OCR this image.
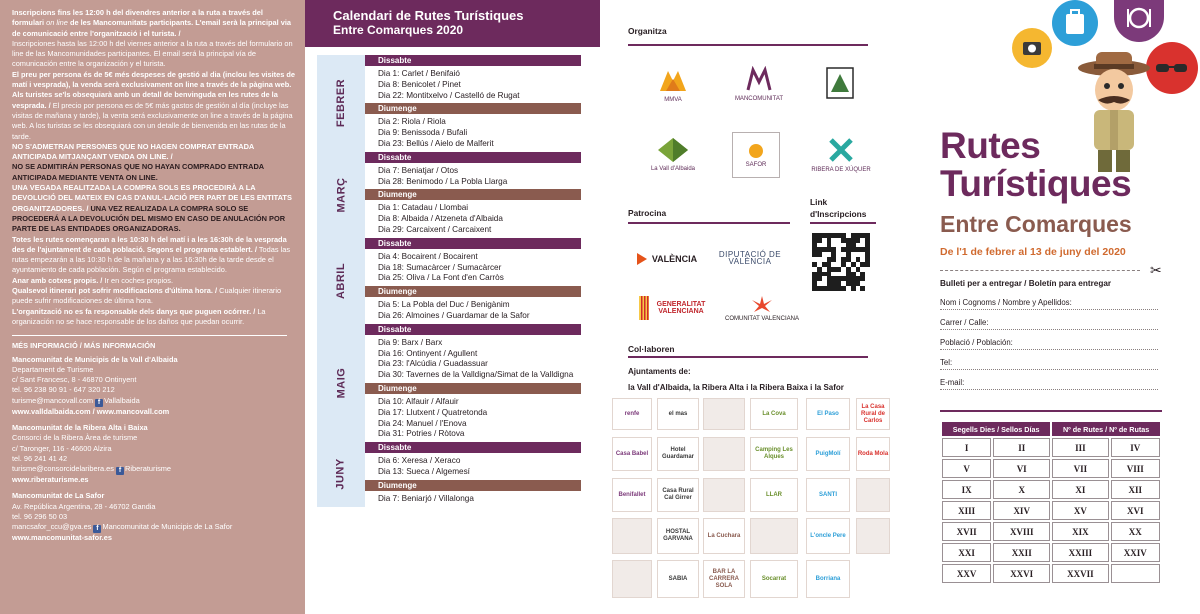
Inscripcions fins les 12:00 h del divendres anterior a la ruta a través del formulari on line de les Mancomunitats participants. L'email serà la principal via de comunicació entre l'organització i el turista. /

Inscripciones hasta las 12:00 h del viernes anterior a la ruta a través del formulario on line de las Mancomunidades participantes. El email será la principal vía de comunicación entre la organización y el turista.

El preu per persona és de 5€ més despeses de gestió al dia (inclou les visites de matí i vesprada), la venda serà exclusivament on line a través de la pàgina web. Als turistes se'ls obsequiarà amb un detall de benvinguda en les rutes de la vesprada. / El precio por persona es de 5€ más gastos de gestión al día (incluye las visitas de mañana y tarde), la venta será exclusivamente on line a través de la página web. A los turistas se les obsequiará con un detalle de bienvenida en las rutas de la tarde.

NO S'ADMETRAN PERSONES QUE NO HAGEN COMPRAT ENTRADA ANTICIPADA MITJANÇANT VENDA ON LINE. /

NO SE ADMITIRÁN PERSONAS QUE NO HAYAN COMPRADO ENTRADA ANTICIPADA MEDIANTE VENTA ON LINE.

UNA VEGADA REALITZADA LA COMPRA SOLS ES PROCEDIRÀ A LA DEVOLUCIÓ DEL MATEIX EN CAS D'ANUL·LACIÓ PER PART DE LES ENTITATS ORGANITZADORES. / UNA VEZ REALIZADA LA COMPRA SOLO SE PROCEDERÁ A LA DEVOLUCIÓN DEL MISMO EN CASO DE ANULACIÓN POR PARTE DE LAS ENTIDADES ORGANIZADORAS.

Totes les rutes començaran a les 10:30 h del matí i a les 16:30h de la vesprada des de l'ajuntament de cada població. Segons el programa establert. / Todas las rutas empezarán a las 10:30 h de la mañana y a las 16:30h de la tarde desde el ayuntamiento de cada población. Según el programa establecido.

Anar amb cotxes propis. / Ir en coches propios.

Qualsevol itinerari pot sofrir modificacions d'última hora. / Cualquier itinerario puede sufrir modificaciones de última hora.

L'organització no es fa responsable dels danys que puguen ocórrer. / La organización no se hace responsable de los daños que puedan ocurrir.

MÉS INFORMACIÓ / MÁS INFORMACIÓN

Mancomunitat de Municipis de la Vall d'Albaida
Departament de Turisme
c/ Sant Francesc, 8 - 46870 Ontinyent
tel. 96 238 90 91 - 647 320 212
turisme@mancovall.com f Vallalbaida
www.valldalbaida.com / www.mancovall.com
Mancomunitat de la Ribera Alta i Baixa
Consorci de la Ribera Àrea de turisme
c/ Taronger, 116 - 46600 Alzira
tel. 96 241 41 42
turisme@consorcidelaribera.es f Riberaturisme
www.riberaturisme.es
Mancomunitat de La Safor
Av. República Argentina, 28 - 46702 Gandia
tel. 96 296 50 03
mancsafor_ccu@gva.es f Mancomunitat de Municipis de La Safor
www.mancomunitat-safor.es
Calendari de Rutes Turístiques
Entre Comarques 2020
FEBRER
Dissabte
Dia 1: Carlet / Benifaió
Dia 8: Benicolet / Pinet
Dia 22: Montitxelvo / Castelló de Rugat
Diumenge
Dia 2: Riola / Riola
Dia 9: Benissoda / Bufali
Dia 23: Bellús / Aielo de Malferit
MARÇ
Dissabte
Dia 7: Beniatjar / Otos
Dia 28: Benimodo / La Pobla Llarga
Diumenge
Dia 1: Catadau / Llombai
Dia 8: Albaida / Atzeneta d'Albaida
Dia 29: Carcaixent / Carcaixent
ABRIL
Dissabte
Dia 4: Bocairent / Bocairent
Dia 18: Sumacàrcer / Sumacàrcer
Dia 25: Oliva / La Font d'en Carròs
Diumenge
Dia 5: La Pobla del Duc / Benigànim
Dia 26: Almoines / Guardamar de la Safor
MAIG
Dissabte
Dia 9: Barx / Barx
Dia 16: Ontinyent / Agullent
Dia 23: l'Alcúdia / Guadassuar
Dia 30: Tavernes de la Valldigna/Simat de la Valldigna
Diumenge
Dia 10: Alfauir / Alfauir
Dia 17: Llutxent / Quatretonda
Dia 24: Manuel / l'Enova
Dia 31: Potries / Ròtova
JUNY
Dissabte
Dia 6: Xeresa / Xeraco
Dia 13: Sueca / Algemesí
Diumenge
Dia 7: Beniarjó / Villalonga
Organitza
MMVA	MANCOMUNITAT
La Vall d'Albaida
SAFOR
RIBERA DE XÚQUER
Patrocina
Link
d'Inscripcions
VALÈNCIA	DIPUTACIÓ DE VALÈNCIA
GENERALITAT VALENCIANA
COMUNITAT VALENCIANA
Col·laboren
Ajuntaments de:
la Vall d'Albaida, la Ribera Alta i la Ribera Baixa i la Safor
renfe	el mas	La Cova	El Paso
La Casa Rural de Carlos
Casa Babel
Hotel Guardamar
Camping Les Alques
PuigMolí	Roda Mola
Benifallet
Casa Rural Cal Girrer
LLAR	SANTI
HOSTAL GARVANA
La Cuchara	L'oncle Pere
SABIA
BAR LA CARRERA SOLA
Socarrat	Borriana
Rutes
Turístiques
Entre Comarques
De l'1 de febrer al 13 de juny del 2020
✂
Bulleti per a entregar / Boletín para entregar
Nom i Cognoms / Nombre y Apellidos:
Carrer / Calle:
Població / Población:
Tel:
E-mail:
Segells Dies / Sellos Días		Nº de Rutes / Nº de Rutas	
I	II	III	IV
V	VI	VII	VIII
IX	X	XI	XII
XIII	XIV	XV	XVI
XVII	XVIII	XIX	XX
XXI	XXII	XXIII	XXIV
XXV	XXVI	XXVII	
